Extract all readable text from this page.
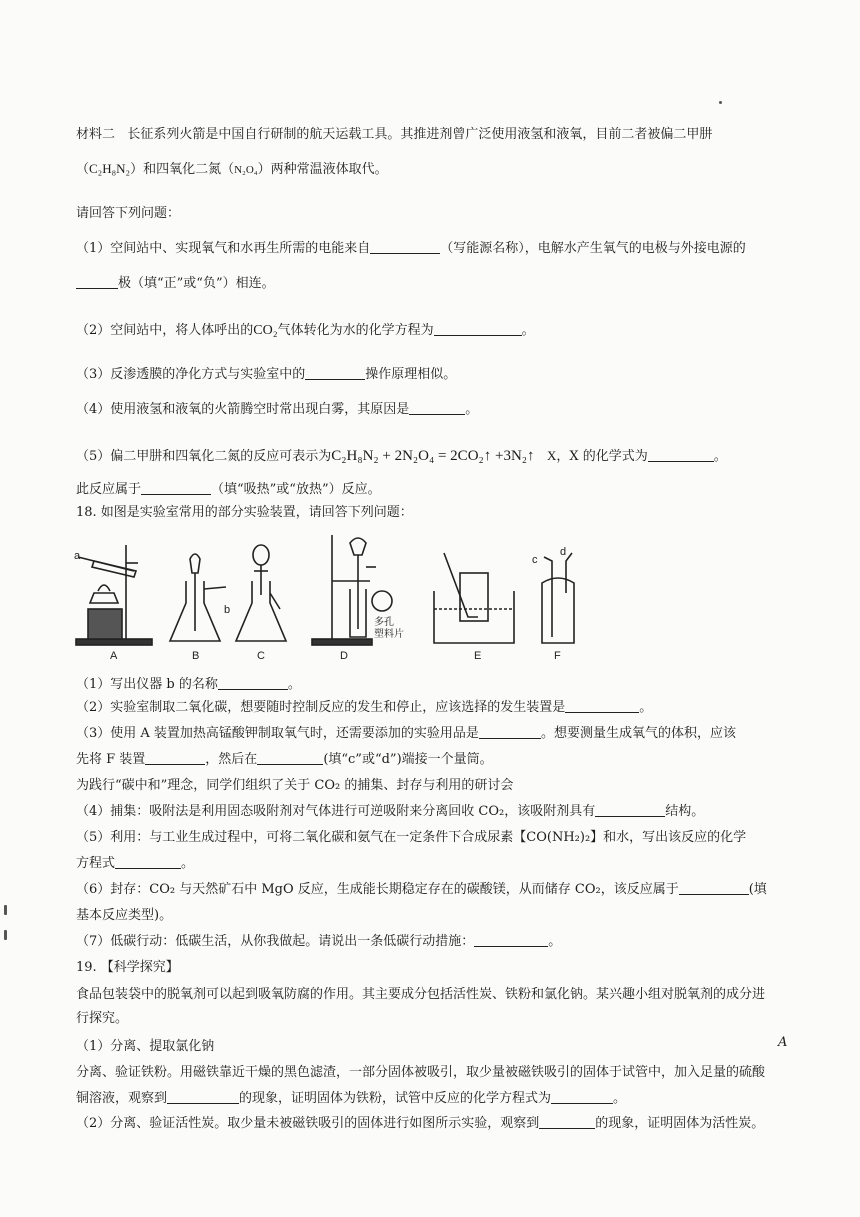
材料二 长征系列火箭是中国自行研制的航天运载工具。其推进剂曾广泛使用液氢和液氧，目前二者被偏二甲肼
（C₂H₈N₂）和四氧化二氮（N₂O₄）两种常温液体取代。
请回答下列问题：
（1）空间站中、实现氧气和水再生所需的电能来自	（写能源名称），电解水产生氧气的电极与外接电源的
极（填“正”或“负”）相连。
（2）空间站中，将人体呼出的CO₂气体转化为水的化学方程为	。
（3）反渗透膜的净化方式与实验室中的	操作原理相似。
（4）使用液氢和液氧的火箭腾空时常出现白雾，其原因是	。
（5）偏二甲肼和四氧化二氮的反应可表示为C₂H₈N₂ + 2N₂O₄ = 2CO₂↑ +3N₂↑ X，X 的化学式为	。
此反应属于	（填“吸热”或“放热”）反应。
18. 如图是实验室常用的部分实验装置，请回答下列问题：
a
b
c
d
多孔
塑料片
A	B	C	D	E	F
（1）写出仪器 b 的名称	。
（2）实验室制取二氧化碳，想要随时控制反应的发生和停止，应该选择的发生装置是	。
（3）使用 A 装置加热高锰酸钾制取氧气时，还需要添加的实验用品是	。想要测量生成氧气的体积，应该
先将 F 装置	，然后在	(填“c”或“d”)端接一个量筒。
为践行“碳中和”理念，同学们组织了关于 CO₂ 的捕集、封存与利用的研讨会
（4）捕集：吸附法是利用固态吸附剂对气体进行可逆吸附来分离回收 CO₂，该吸附剂具有	结构。
（5）利用：与工业生成过程中，可将二氧化碳和氨气在一定条件下合成尿素【CO(NH₂)₂】和水，写出该反应的化学
方程式	。
（6）封存：CO₂ 与天然矿石中 MgO 反应，生成能长期稳定存在的碳酸镁，从而储存 CO₂，该反应属于	(填
基本反应类型)。
（7）低碳行动：低碳生活，从你我做起。请说出一条低碳行动措施：	。
19. 【科学探究】
食品包装袋中的脱氧剂可以起到吸氧防腐的作用。其主要成分包括活性炭、铁粉和氯化钠。某兴趣小组对脱氧剂的成分进
行探究。
（1）分离、提取氯化钠	A
分离、验证铁粉。用磁铁靠近干燥的黑色滤渣，一部分固体被吸引，取少量被磁铁吸引的固体于试管中，加入足量的硫酸
铜溶液，观察到	的现象，证明固体为铁粉，试管中反应的化学方程式为	。
（2）分离、验证活性炭。取少量未被磁铁吸引的固体进行如图所示实验，观察到	的现象，证明固体为活性炭。
